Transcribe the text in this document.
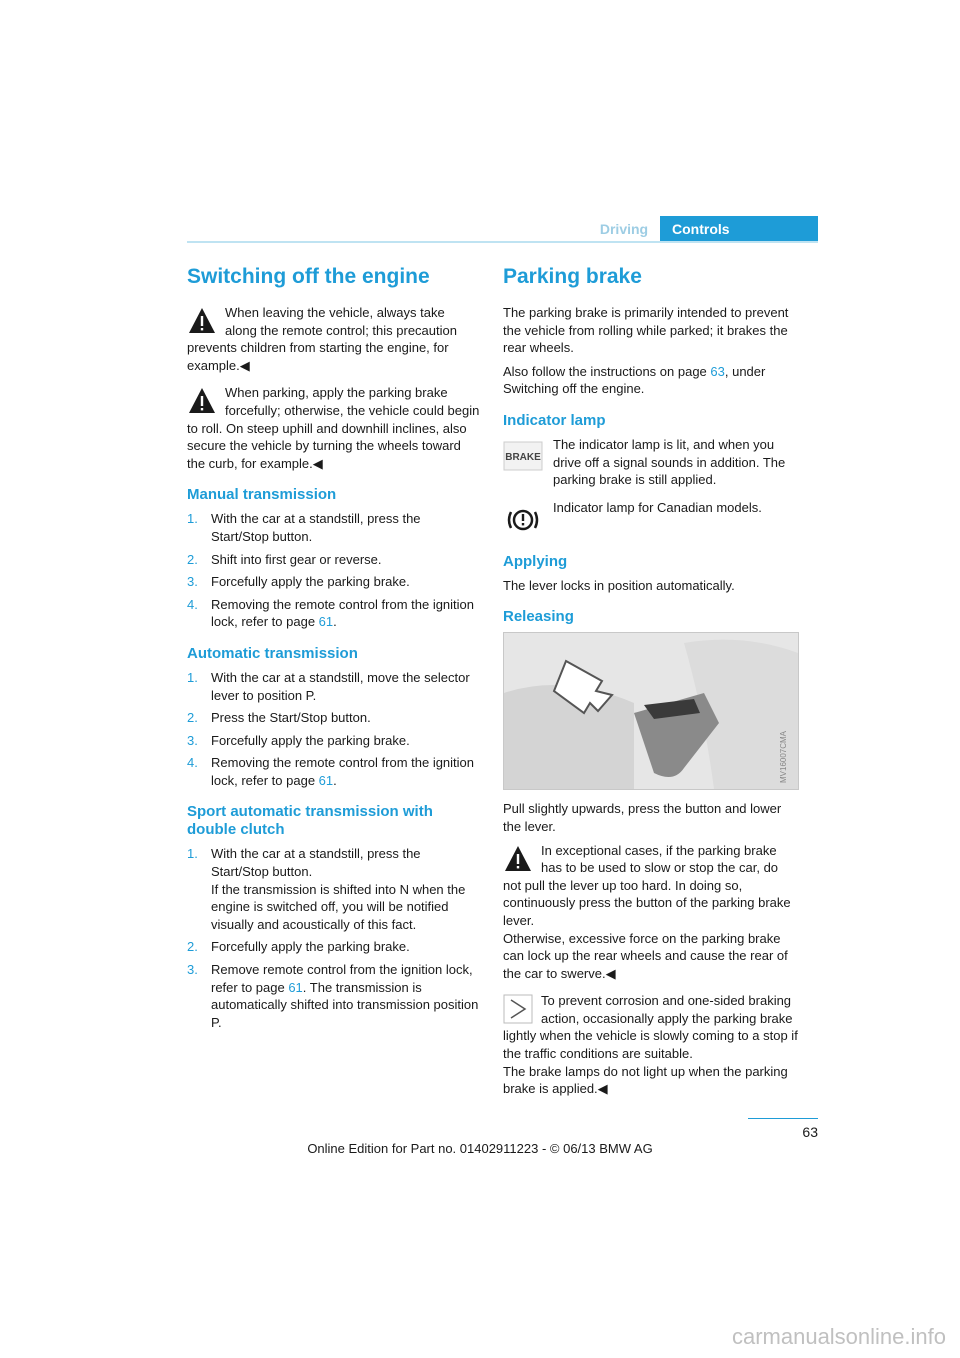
Driving	Controls
Switching off the engine

When leaving the vehicle, always take along the remote control; this precaution prevents children from starting the engine, for example.◀

When parking, apply the parking brake forcefully; otherwise, the vehicle could begin to roll. On steep uphill and downhill inclines, also secure the vehicle by turning the wheels toward the curb, for example.◀

Manual transmission
1. With the car at a standstill, press the Start/Stop button.
2. Shift into first gear or reverse.
3. Forcefully apply the parking brake.
4. Removing the remote control from the ignition lock, refer to page 61.
Automatic transmission
1. With the car at a standstill, move the selector lever to position P.
2. Press the Start/Stop button.
3. Forcefully apply the parking brake.
4. Removing the remote control from the ignition lock, refer to page 61.
Sport automatic transmission with double clutch
1. With the car at a standstill, press the Start/Stop button.
If the transmission is shifted into N when the engine is switched off, you will be notified visually and acoustically of this fact.
2. Forcefully apply the parking brake.
3. Remove remote control from the ignition lock, refer to page 61. The transmission is automatically shifted into transmission position P.
Parking brake

The parking brake is primarily intended to prevent the vehicle from rolling while parked; it brakes the rear wheels.

Also follow the instructions on page 63, under Switching off the engine.

Indicator lamp
BRAKE

The indicator lamp is lit, and when you drive off a signal sounds in addition. The parking brake is still applied.

Indicator lamp for Canadian models.

Applying

The lever locks in position automatically.

Releasing
MV16007CMA

Pull slightly upwards, press the button and lower the lever.

In exceptional cases, if the parking brake has to be used to slow or stop the car, do not pull the lever up too hard. In doing so, continuously press the button of the parking brake lever.

Otherwise, excessive force on the parking brake can lock up the rear wheels and cause the rear of the car to swerve.◀

To prevent corrosion and one-sided braking action, occasionally apply the parking brake lightly when the vehicle is slowly coming to a stop if the traffic conditions are suitable.

The brake lamps do not light up when the parking brake is applied.◀

63
Online Edition for Part no. 01402911223 - © 06/13 BMW AG
carmanualsonline.info
